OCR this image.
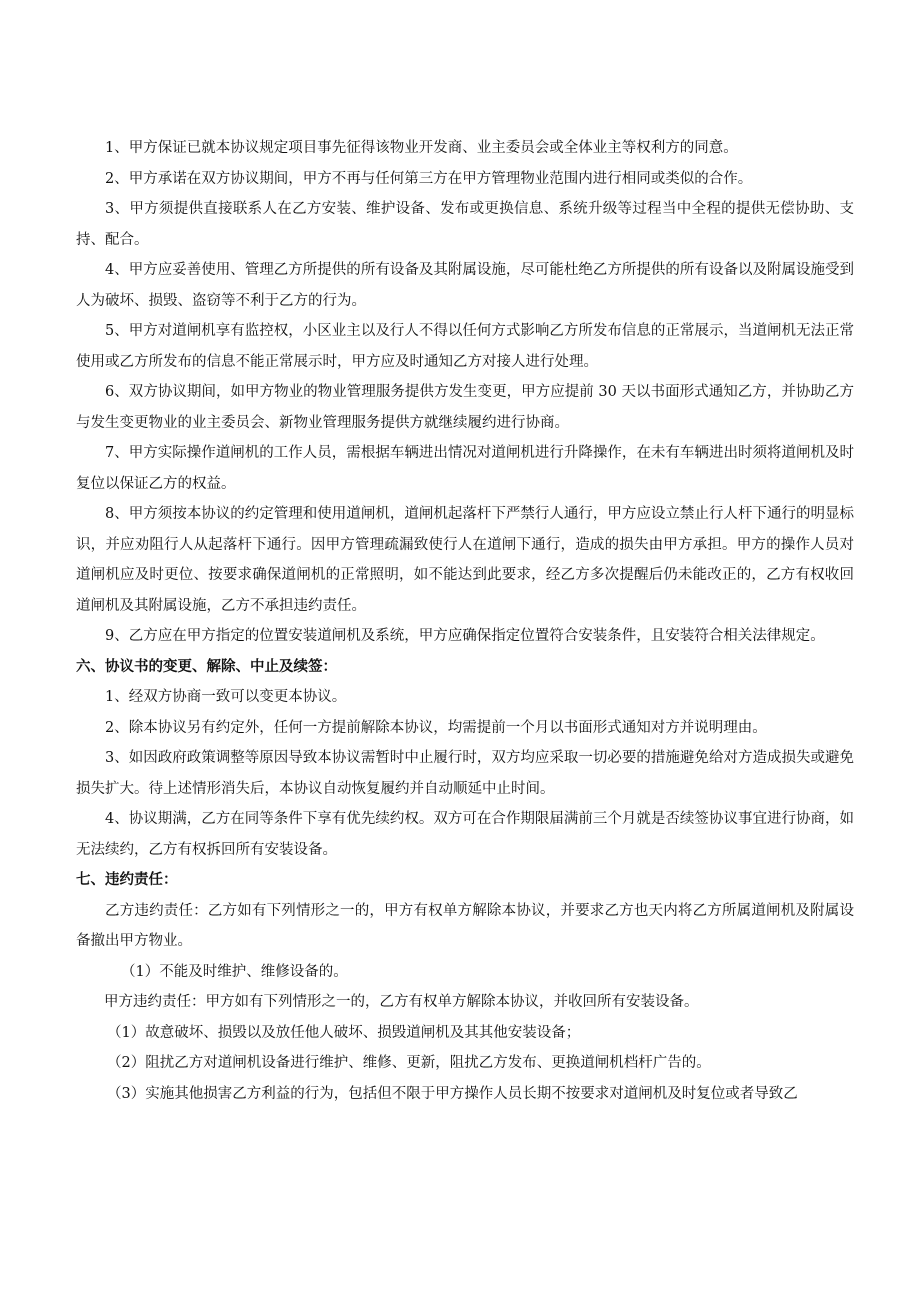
1、甲方保证已就本协议规定项目事先征得该物业开发商、业主委员会或全体业主等权利方的同意。

2、甲方承诺在双方协议期间，甲方不再与任何第三方在甲方管理物业范围内进行相同或类似的合作。

3、甲方须提供直接联系人在乙方安装、维护设备、发布或更换信息、系统升级等过程当中全程的提供无偿协助、支持、配合。

4、甲方应妥善使用、管理乙方所提供的所有设备及其附属设施，尽可能杜绝乙方所提供的所有设备以及附属设施受到人为破坏、损毁、盗窃等不利于乙方的行为。

5、甲方对道闸机享有监控权，小区业主以及行人不得以任何方式影响乙方所发布信息的正常展示，当道闸机无法正常使用或乙方所发布的信息不能正常展示时，甲方应及时通知乙方对接人进行处理。

6、双方协议期间，如甲方物业的物业管理服务提供方发生变更，甲方应提前 30 天以书面形式通知乙方，并协助乙方与发生变更物业的业主委员会、新物业管理服务提供方就继续履约进行协商。

7、甲方实际操作道闸机的工作人员，需根据车辆进出情况对道闸机进行升降操作，在未有车辆进出时须将道闸机及时复位以保证乙方的权益。

8、甲方须按本协议的约定管理和使用道闸机，道闸机起落杆下严禁行人通行，甲方应设立禁止行人杆下通行的明显标识，并应劝阻行人从起落杆下通行。因甲方管理疏漏致使行人在道闸下通行，造成的损失由甲方承担。甲方的操作人员对道闸机应及时更位、按要求确保道闸机的正常照明，如不能达到此要求，经乙方多次提醒后仍未能改正的，乙方有权收回道闸机及其附属设施，乙方不承担违约责任。

9、乙方应在甲方指定的位置安装道闸机及系统，甲方应确保指定位置符合安装条件，且安装符合相关法律规定。

六、协议书的变更、解除、中止及续签：

1、经双方协商一致可以变更本协议。

2、除本协议另有约定外，任何一方提前解除本协议，均需提前一个月以书面形式通知对方并说明理由。

3、如因政府政策调整等原因导致本协议需暂时中止履行时，双方均应采取一切必要的措施避免给对方造成损失或避免损失扩大。待上述情形消失后，本协议自动恢复履约并自动顺延中止时间。

4、协议期满，乙方在同等条件下享有优先续约权。双方可在合作期限届满前三个月就是否续签协议事宜进行协商，如无法续约，乙方有权拆回所有安装设备。

七、违约责任：

乙方违约责任：乙方如有下列情形之一的，甲方有权单方解除本协议，并要求乙方也天内将乙方所属道闸机及附属设备撤出甲方物业。

（1）不能及时维护、维修设备的。

甲方违约责任：甲方如有下列情形之一的，乙方有权单方解除本协议，并收回所有安装设备。

（1）故意破坏、损毁以及放任他人破坏、损毁道闸机及其其他安装设备；

（2）阻扰乙方对道闸机设备进行维护、维修、更新，阻扰乙方发布、更换道闸机档杆广告的。

（3）实施其他损害乙方利益的行为，包括但不限于甲方操作人员长期不按要求对道闸机及时复位或者导致乙
